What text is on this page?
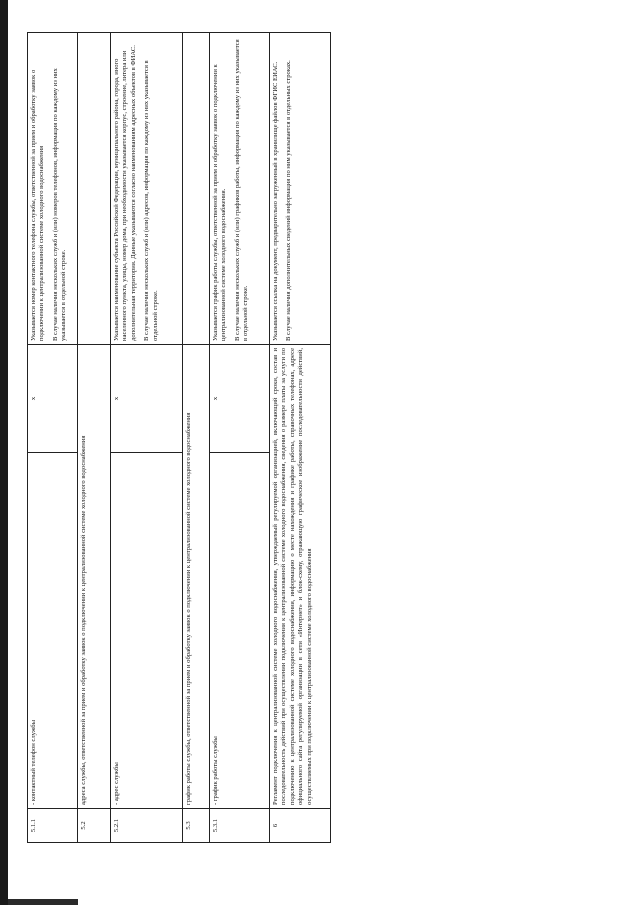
5.1.1	- контактный телефон службы	x	Указывается номер контактного телефона службы, ответственной за прием и обработку заявок о подключении к централизованной системе холодного водоснабжения В случае наличия нескольких служб и (или) номеров телефонов, информация по каждому из них указывается в отдельной строке.

5.2	адреса службы, ответственной за прием и обработку заявок о подключении к централизованной системе холодного водоснабжения		
5.2.1	- адрес службы	x	Указывается наименование субъекта Российской Федерации, муниципального района, города, иного населенного пункта, улицы, номер дома, при необходимости указывается корпус, строение, литера или дополнительная территория. Данные указываются согласно наименованиям адресных объектов в ФИАС. В случае наличия нескольких служб и (или) адресов, информация по каждому из них указывается в отдельной строке.

5.3	график работы службы, ответственной за прием и обработку заявок о подключении к централизованной системе холодного водоснабжения		
5.3.1	- график работы службы	x	Указывается график работы службы, ответственной за прием и обработку заявок о подключении к централизованной системе холодного водоснабжения. В случае наличия нескольких служб и (или) графиков работы, информация по каждому из них указывается в отдельной строке.

6	Регламент подключения к централизованной системе холодного водоснабжения, утверждаемый регулируемой организацией, включающий сроки, состав и последовательность действий при осуществлении подключения к централизованной системе холодного водоснабжения, сведения о размере платы за услуги по подключению к централизованной системе холодного водоснабжения, информацию о месте нахождения и графике работы, справочных телефонах, адресе официального сайта регулируемой организации в сети «Интернет» и блок-схему, отражающую графическое изображение последовательности действий, осуществляемых при подключении к централизованной системе холодного водоснабжения		Указывается ссылка на документ, предварительно загруженный в хранилище файлов ФГИС ЕИАС. В случае наличия дополнительных сведений информация по ним указывается в отдельных строках.
